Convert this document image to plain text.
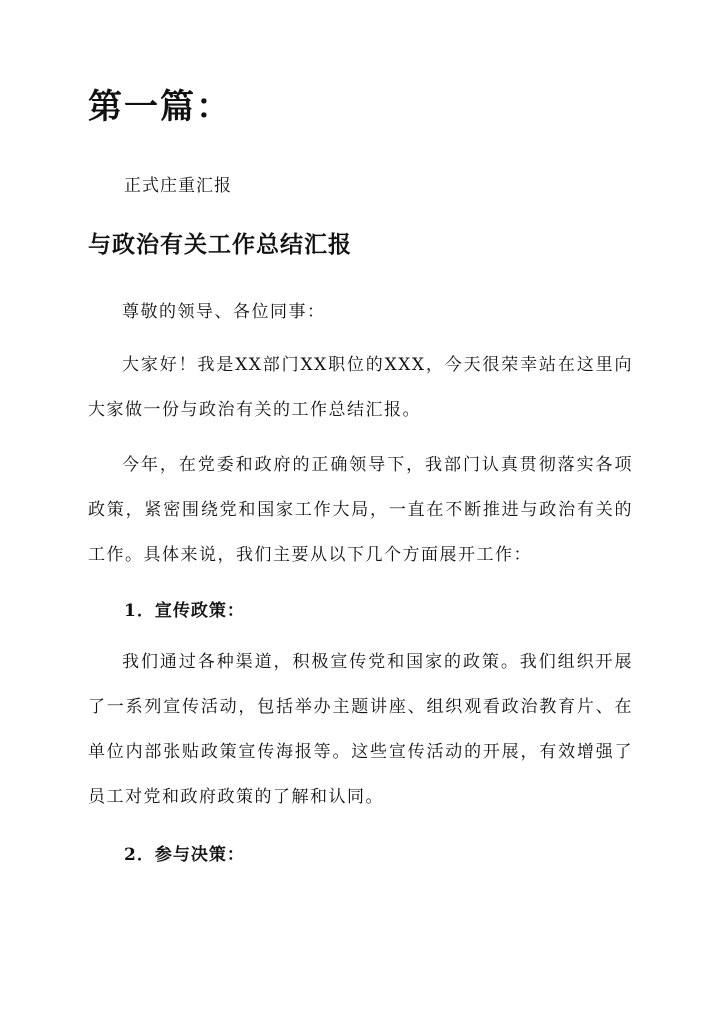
第一篇：

正式庄重汇报

与政治有关工作总结汇报

尊敬的领导、各位同事：

大家好！我是XX部门XX职位的XXX，今天很荣幸站在这里向大家做一份与政治有关的工作总结汇报。

今年，在党委和政府的正确领导下，我部门认真贯彻落实各项政策，紧密围绕党和国家工作大局，一直在不断推进与政治有关的工作。具体来说，我们主要从以下几个方面展开工作：

1．宣传政策：

我们通过各种渠道，积极宣传党和国家的政策。我们组织开展了一系列宣传活动，包括举办主题讲座、组织观看政治教育片、在单位内部张贴政策宣传海报等。这些宣传活动的开展，有效增强了员工对党和政府政策的了解和认同。

2．参与决策：
